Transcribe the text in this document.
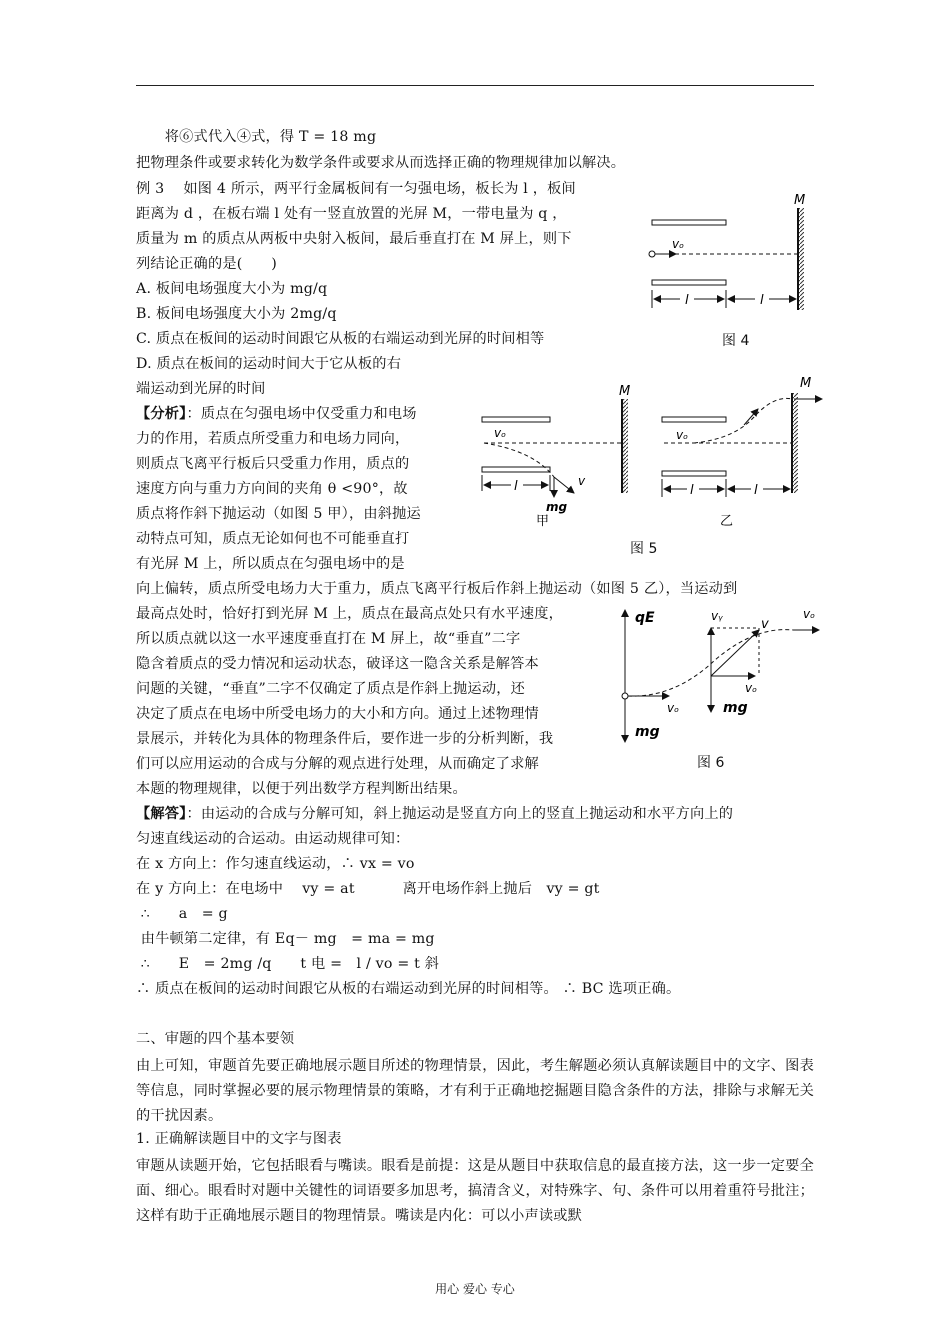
　　将⑥式代入④式，得 T = 18 mg
把物理条件或要求转化为数学条件或要求从而选择正确的物理规律加以解决。
例 3　 如图 4 所示，两平行金属板间有一匀强电场，板长为 l ，板间
距离为 d ，在板右端 l 处有一竖直放置的光屏 M，一带电量为 q ，
质量为 m 的质点从两板中央射入板间，最后垂直打在 M 屏上，则下
列结论正确的是(　　)
A. 板间电场强度大小为 mg/q
B. 板间电场强度大小为 2mg/q
C. 质点在板间的运动时间跟它从板的右端运动到光屏的时间相等
D. 质点在板间的运动时间大于它从板的右
端运动到光屏的时间
【分析】：质点在匀强电场中仅受重力和电场
力的作用，若质点所受重力和电场力同向，
则质点飞离平行板后只受重力作用，质点的
速度方向与重力方向间的夹角 θ <90°，故
质点将作斜下抛运动（如图 5 甲），由斜抛运
动特点可知，质点无论如何也不可能垂直打
有光屏 M 上，所以质点在匀强电场中的是
向上偏转，质点所受电场力大于重力，质点飞离平行板后作斜上抛运动（如图 5 乙），当运动到
最高点处时，恰好打到光屏 M 上，质点在最高点处只有水平速度，
所以质点就以这一水平速度垂直打在 M 屏上，故“垂直”二字
隐含着质点的受力情况和运动状态，破译这一隐含关系是解答本
问题的关键，“垂直”二字不仅确定了质点是作斜上抛运动，还
决定了质点在电场中所受电场力的大小和方向。通过上述物理情
景展示，并转化为具体的物理条件后，要作进一步的分析判断，我
们可以应用运动的合成与分解的观点进行处理，从而确定了求解
本题的物理规律，以便于列出数学方程判断出结果。
【解答】：由运动的合成与分解可知，斜上抛运动是竖直方向上的竖直上抛运动和水平方向上的
匀速直线运动的合运动。由运动规律可知：
在 x 方向上：作匀速直线运动，∴ vx = vo
在 y 方向上：在电场中　 vy = at　　　 离开电场作斜上抛后　vy = gt
∴　　a　= g
由牛顿第二定律，有 Eq－ mg　= ma = mg
∴　　E　= 2mg /q　　t 电 =　l / vo = t 斜
∴ 质点在板间的运动时间跟它从板的右端运动到光屏的时间相等。 ∴ BC 选项正确。
二、审题的四个基本要领
由上可知，审题首先要正确地展示题目所述的物理情景，因此，考生解题必须认真解读题目中的文字、图表等信息，同时掌握必要的展示物理情景的策略，才有利于正确地挖掘题目隐含条件的方法，排除与求解无关的干扰因素。
1. 正确解读题目中的文字与图表
审题从读题开始，它包括眼看与嘴读。眼看是前提：这是从题目中获取信息的最直接方法，这一步一定要全面、细心。眼看时对题中关键性的词语要多加思考，搞清含义，对特殊字、句、条件可以用着重符号批注；这样有助于正确地展示题目的物理情景。嘴读是内化：可以小声读或默
vₒ
M
l	l
图 4
vₒ
v
mg
M
l
甲
vₒ
M
l	l
乙
图 5
qE
mg
vₒ
vᵧ
v
vₒ
mg
vₒ
图 6
用心 爱心 专心
